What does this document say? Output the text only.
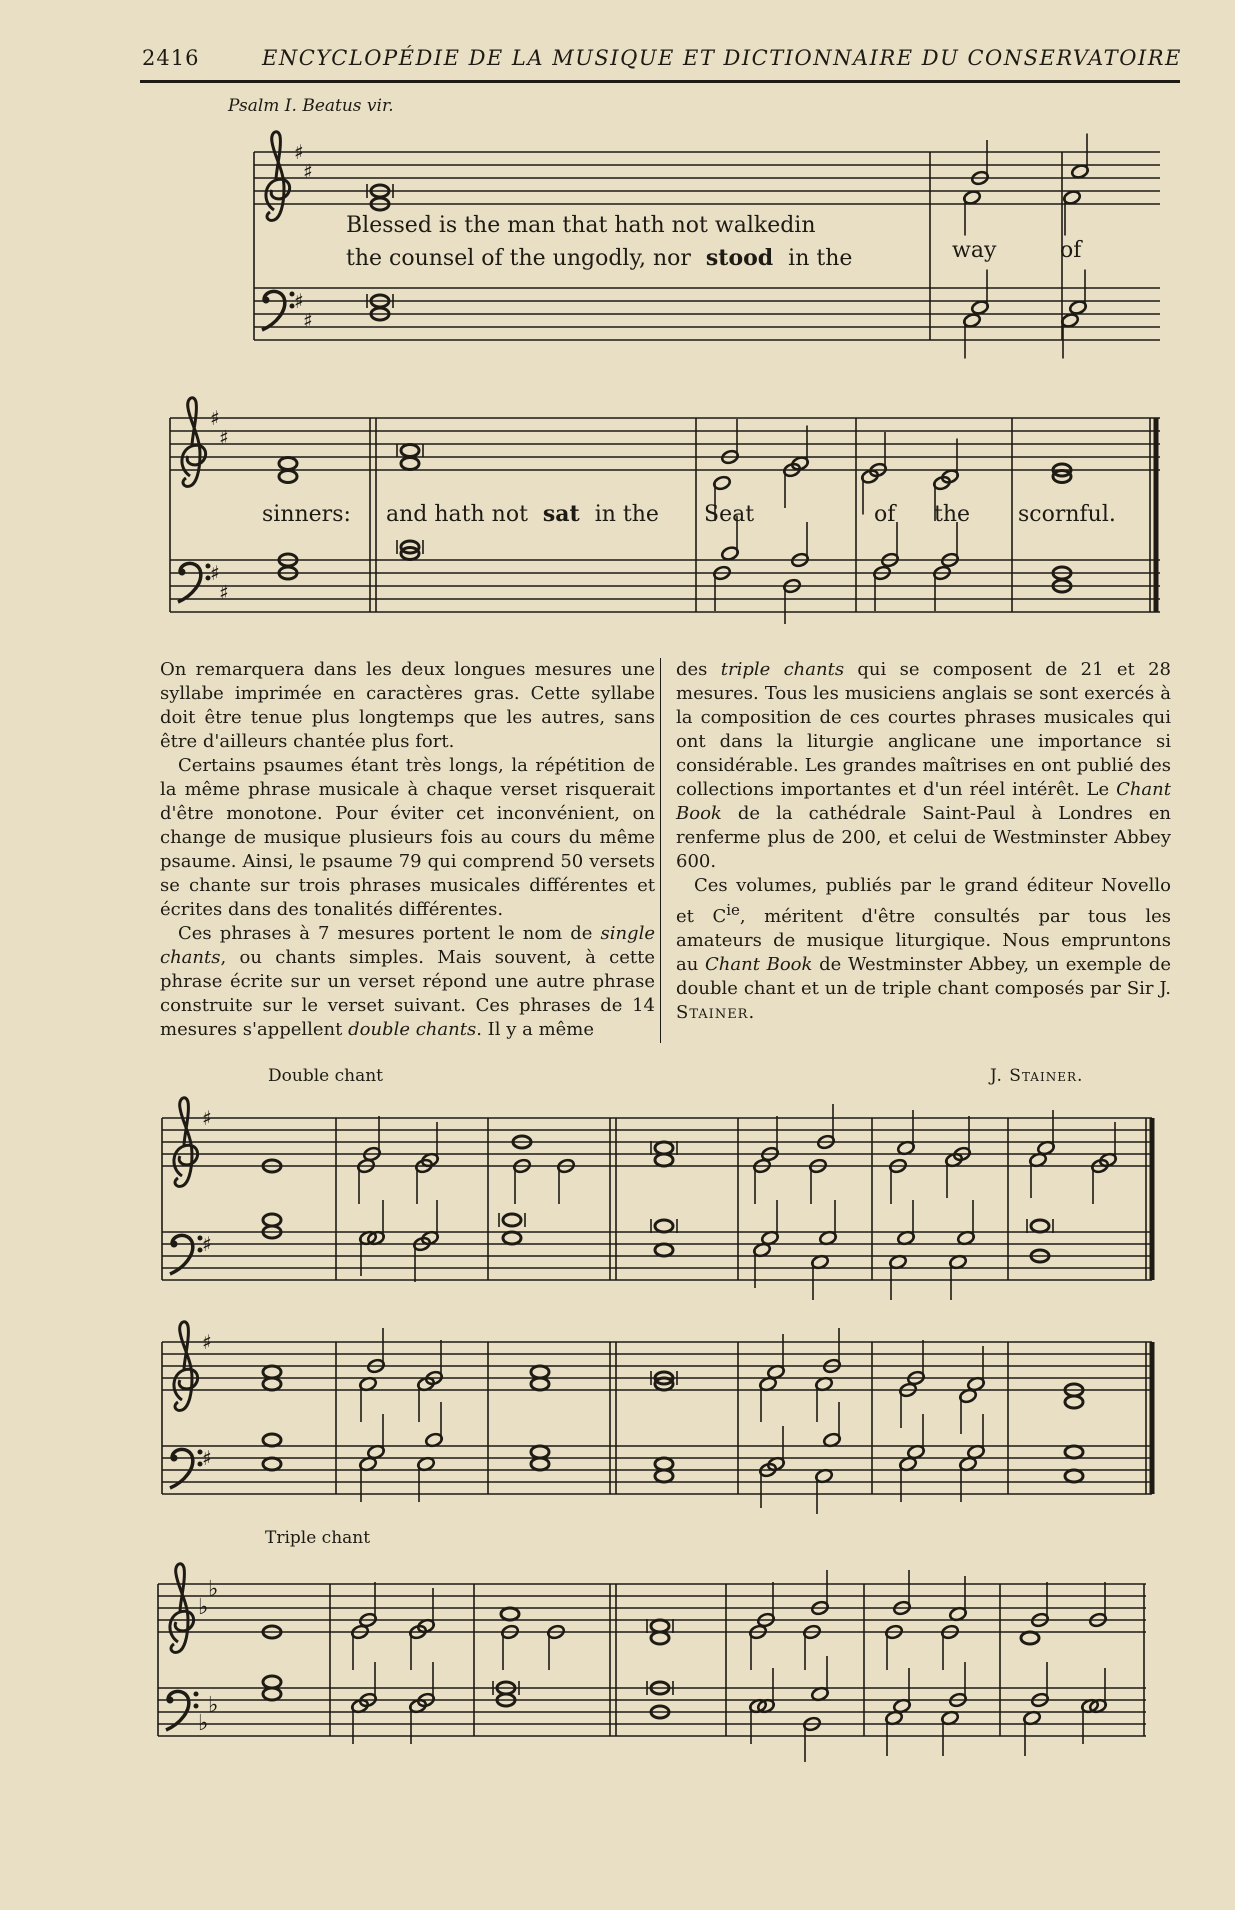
2416	ENCYCLOPÉDIE DE LA MUSIQUE ET DICTIONNAIRE DU CONSERVATOIRE
Psalm I. Beatus vir.
♯
♯
♯
♯
♯
♯
♯
♯
♯
♯
♯
♯
♭
♭
♭
♭
Blessed is the man that hath not walkedin
the counsel of the ungodly, nor stood in the	way	of
sinners: and hath not sat in the Seat	of the scornful.

On remarquera dans les deux longues mesures une syllabe imprimée en caractères gras. Cette syllabe doit être tenue plus longtemps que les autres, sans être d'ailleurs chantée plus fort.

Certains psaumes étant très longs, la répétition de la même phrase musicale à chaque verset risquerait d'être monotone. Pour éviter cet inconvénient, on change de musique plusieurs fois au cours du même psaume. Ainsi, le psaume 79 qui comprend 50 versets se chante sur trois phrases musicales différentes et écrites dans des tonalités différentes.

Ces phrases à 7 mesures portent le nom de single chants, ou chants simples. Mais souvent, à cette phrase écrite sur un verset répond une autre phrase construite sur le verset suivant. Ces phrases de 14 mesures s'appellent double chants. Il y a même

des triple chants qui se composent de 21 et 28 mesures. Tous les musiciens anglais se sont exercés à la composition de ces courtes phrases musicales qui ont dans la liturgie anglicane une importance si considérable. Les grandes maîtrises en ont publié des collections importantes et d'un réel intérêt. Le Chant Book de la cathédrale Saint-Paul à Londres en renferme plus de 200, et celui de Westminster Abbey 600.

Ces volumes, publiés par le grand éditeur Novello et $C^{ie}$, méritent d'être consultés par tous les amateurs de musique liturgique. Nous empruntons au Chant Book de Westminster Abbey, un exemple de double chant et un de triple chant composés par Sir J. Stainer.

Double chant	J. Stainer.
Triple chant
